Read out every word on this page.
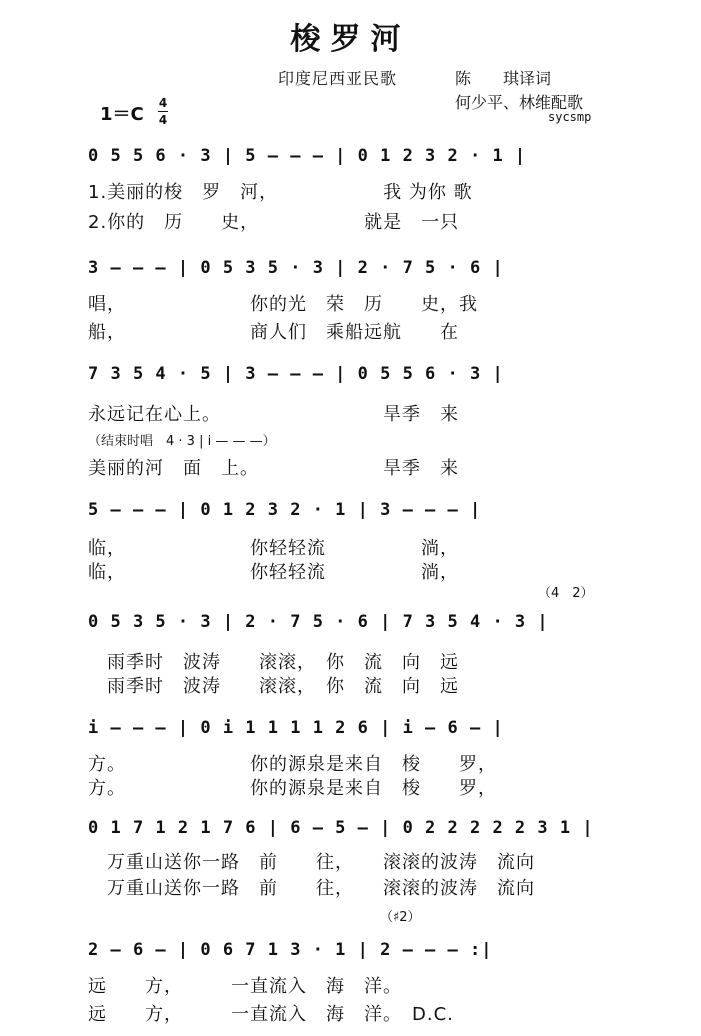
梭罗河
印度尼西亚民歌	陈　　琪译词
何少平、林维配歌
sycsmp
1＝C
4
4
0 5 5 6 · 3 | 5 — — — | 0 1 2 3 2 · 1 |
1.美丽的梭　罗　河，　　　　　　我 为你 歌
2.你的　历　　史，　　　　　　就是　一只
3 — — — | 0 5 3 5 · 3 | 2 · 7 5 · 6 |
唱，　　　　　　　你的光　荣　历　　史，我
船，　　　　　　　商人们　乘船远航　　在
7 3 5 4 · 5 | 3 — — — | 0 5 5 6 · 3 |
永远记在心上。　　　　　　　　　旱季　来
（结束时唱　4 · 3 | i — — —）
美丽的河　面　上。　　　　　　　旱季　来
5 — — — | 0 1 2 3 2 · 1 | 3 — — — |
临，　　　　　　　你轻轻流　　　　　淌，
临，　　　　　　　你轻轻流　　　　　淌，
（4　2）
0 5 3 5 · 3 | 2 · 7 5 · 6 | 7 3 5 4 · 3 |
　雨季时　波涛　　滚滚，　你　流　向　远
　雨季时　波涛　　滚滚，　你　流　向　远
i — — — | 0 i 1 1 1 1 2 6 | i — 6 — |
方。　　　　　　　你的源泉是来自　梭　　罗，
方。　　　　　　　你的源泉是来自　梭　　罗，
0 1 7 1 2 1 7 6 | 6 — 5 — | 0 2 2 2 2 2 3 1 |
　万重山送你一路　前　　往，　　滚滚的波涛　流向
　万重山送你一路　前　　往，　　滚滚的波涛　流向
（♯2）
2 — 6 — | 0 6 7 1 3 · 1 | 2 — — — :|
远　　方，　　　一直流入　海　洋。
远　　方，　　　一直流入　海　洋。　D.C.
